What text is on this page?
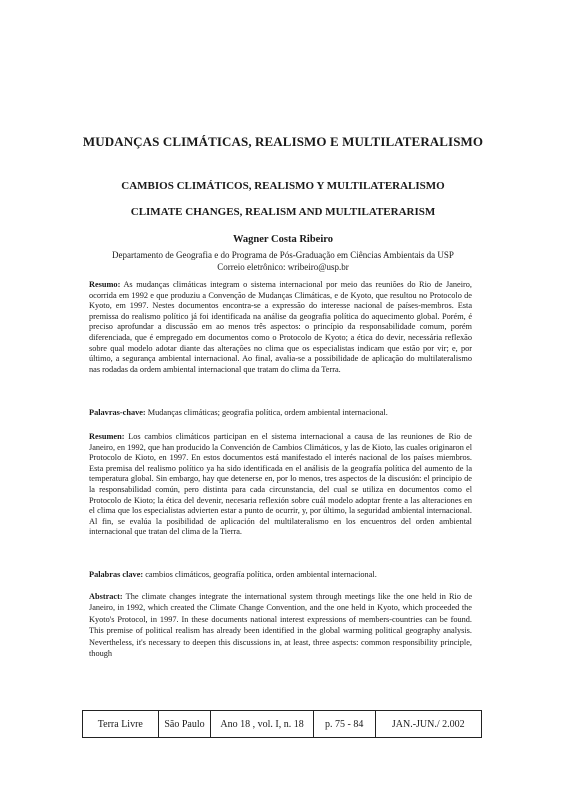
MUDANÇAS CLIMÁTICAS, REALISMO E MULTILATERALISMO
CAMBIOS CLIMÁTICOS, REALISMO Y MULTILATERALISMO
CLIMATE CHANGES, REALISM AND MULTILATERARISM
Wagner Costa Ribeiro
Departamento de Geografia e do Programa de Pós-Graduação em Ciências Ambientais da USP
Correio eletrônico: wribeiro@usp.br
Resumo: As mudanças climáticas integram o sistema internacional por meio das reuniões do Rio de Janeiro, ocorrida em 1992 e que produziu a Convenção de Mudanças Climáticas, e de Kyoto, que resultou no Protocolo de Kyoto, em 1997. Nestes documentos encontra-se a expressão do interesse nacional de países-membros. Esta premissa do realismo político já foi identificada na análise da geografia política do aquecimento global. Porém, é preciso aprofundar a discussão em ao menos três aspectos: o princípio da responsabilidade comum, porém diferenciada, que é empregado em documentos como o Protocolo de Kyoto; a ética do devir, necessária reflexão sobre qual modelo adotar diante das alterações no clima que os especialistas indicam que estão por vir; e, por último, a segurança ambiental internacional. Ao final, avalia-se a possibilidade de aplicação do multilateralismo nas rodadas da ordem ambiental internacional que tratam do clima da Terra.
Palavras-chave: Mudanças climáticas; geografia política, ordem ambiental internacional.
Resumen: Los cambios climáticos participan en el sistema internacional a causa de las reuniones de Rio de Janeiro, en 1992, que han producido la Convención de Cambios Climáticos, y las de Kioto, las cuales originaron el Protocolo de Kioto, en 1997. En estos documentos está manifestado el interés nacional de los países miembros. Esta premisa del realismo político ya ha sido identificada en el análisis de la geografía política del aumento de la temperatura global. Sin embargo, hay que detenerse en, por lo menos, tres aspectos de la discusión: el principio de la responsabilidad común, pero distinta para cada circunstancia, del cual se utiliza en documentos como el Protocolo de Kioto; la ética del devenir, necesaria reflexión sobre cuál modelo adoptar frente a las alteraciones en el clima que los especialistas advierten estar a punto de ocurrir, y, por último, la seguridad ambiental internacional. Al fin, se evalúa la posibilidad de aplicación del multilateralismo en los encuentros del orden ambiental internacional que tratan del clima de la Tierra.
Palabras clave: cambios climáticos, geografía política, orden ambiental internacional.
Abstract: The climate changes integrate the international system through meetings like the one held in Rio de Janeiro, in 1992, which created the Climate Change Convention, and the one held in Kyoto, which proceeded the Kyoto's Protocol, in 1997. In these documents national interest expressions of members-countries can be found. This premise of political realism has already been identified in the global warming political geography analysis. Nevertheless, it's necessary to deepen this discussions in, at least, three aspects: common responsibility principle, though
Terra Livre	São Paulo	Ano 18 , vol. I, n. 18	p. 75 - 84	JAN.-JUN./ 2.002
